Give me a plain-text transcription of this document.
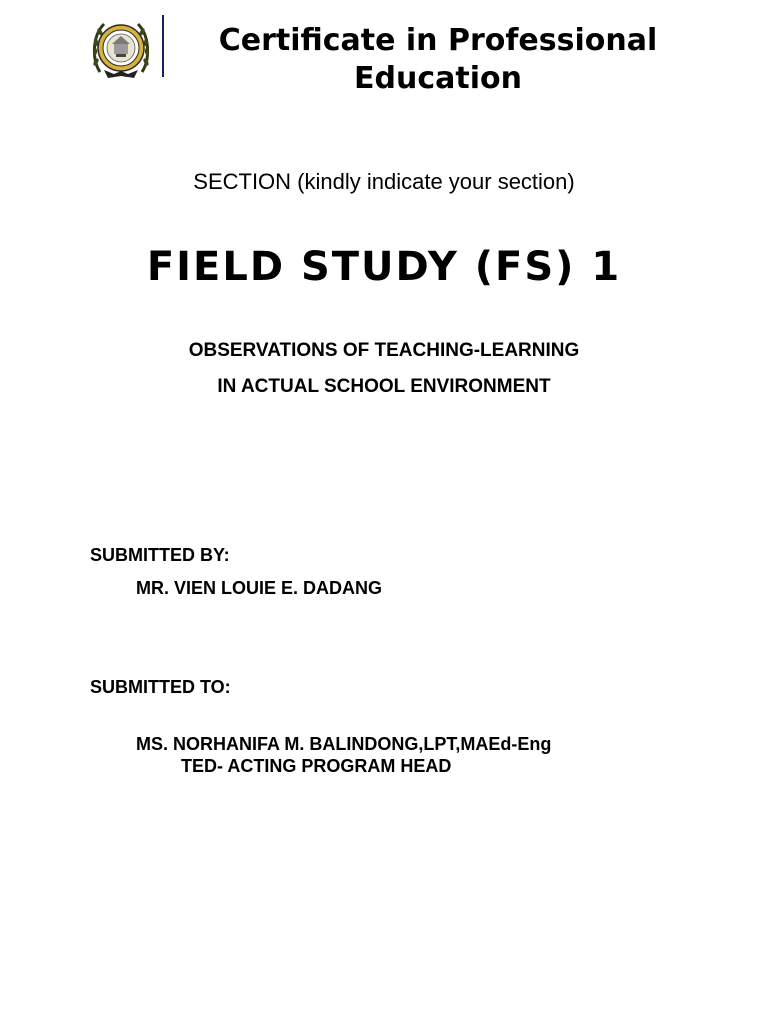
Certificate in Professional
Education
SECTION (kindly indicate your section)
FIELD STUDY (FS) 1
OBSERVATIONS OF TEACHING-LEARNING
IN ACTUAL SCHOOL ENVIRONMENT
SUBMITTED BY:
MR. VIEN LOUIE E. DADANG
SUBMITTED TO:
MS. NORHANIFA M. BALINDONG,LPT,MAEd-Eng
TED- ACTING PROGRAM HEAD
